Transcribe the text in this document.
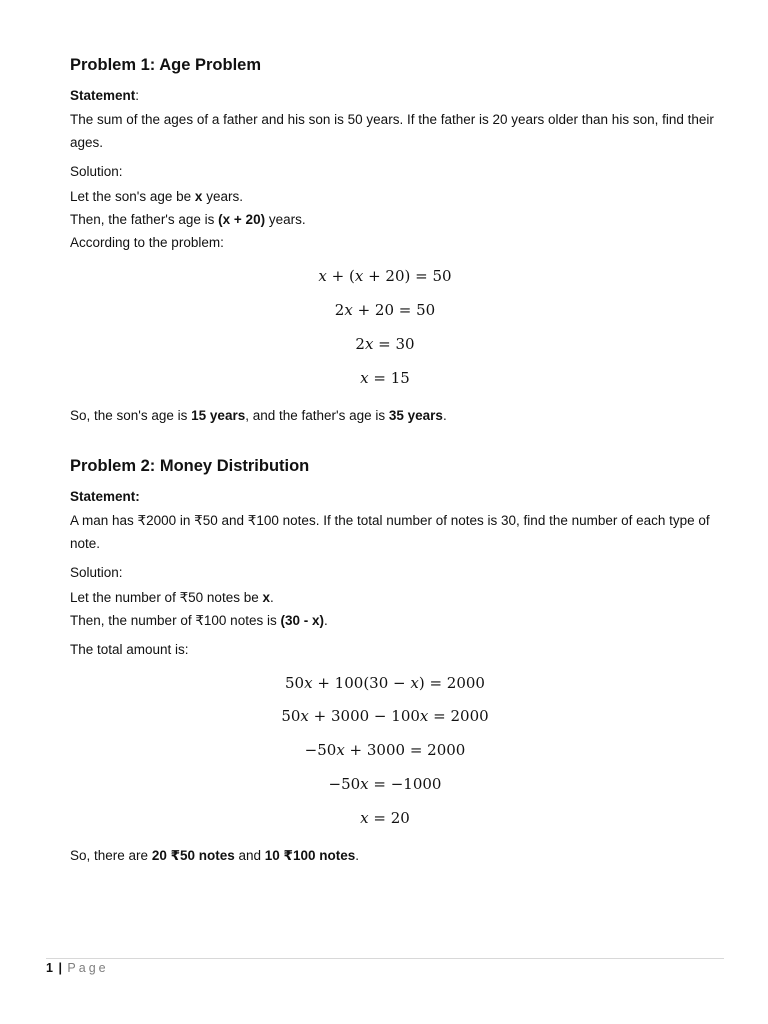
Problem 1: Age Problem

Statement:

The sum of the ages of a father and his son is 50 years. If the father is 20 years older than his son, find their ages.

Solution:

Let the son's age be x years.

Then, the father's age is (x + 20) years.

According to the problem:

x + (x + 20) = 50
2x + 20 = 50
2x = 30
x = 15

So, the son's age is 15 years, and the father's age is 35 years.

Problem 2: Money Distribution

Statement:

A man has ₹2000 in ₹50 and ₹100 notes. If the total number of notes is 30, find the number of each type of note.

Solution:

Let the number of ₹50 notes be x.

Then, the number of ₹100 notes is (30 - x).

The total amount is:

50x + 100(30 − x) = 2000
50x + 3000 − 100x = 2000
−50x + 3000 = 2000
−50x = −1000
x = 20

So, there are 20 ₹50 notes and 10 ₹100 notes.

1 | Page
